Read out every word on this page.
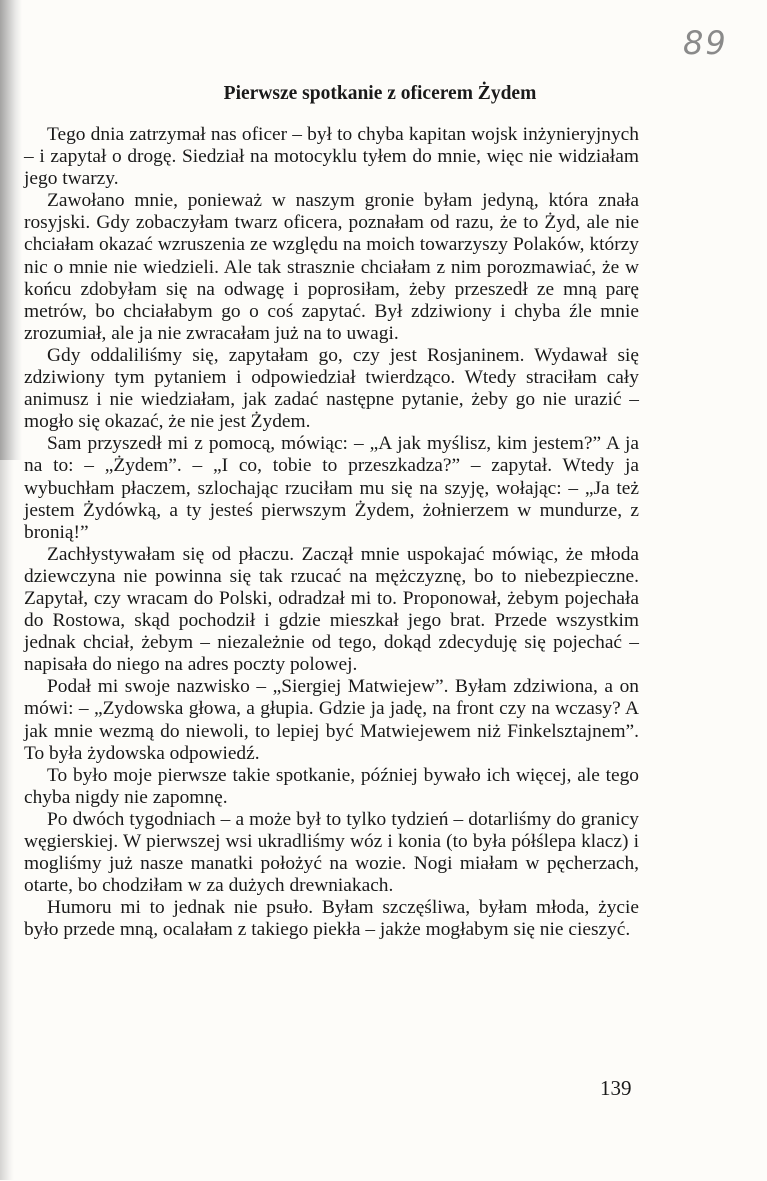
89
Pierwsze spotkanie z oficerem Żydem

Tego dnia zatrzymał nas oficer – był to chyba kapitan wojsk inżynieryjnych – i zapytał o drogę. Siedział na motocyklu tyłem do mnie, więc nie widziałam jego twarzy.

Zawołano mnie, ponieważ w naszym gronie byłam jedyną, która znała rosyjski. Gdy zobaczyłam twarz oficera, poznałam od razu, że to Żyd, ale nie chciałam okazać wzruszenia ze względu na moich towarzyszy Polaków, którzy nic o mnie nie wiedzieli. Ale tak strasznie chciałam z nim porozmawiać, że w końcu zdobyłam się na odwagę i poprosiłam, żeby przeszedł ze mną parę metrów, bo chciałabym go o coś zapytać. Był zdziwiony i chyba źle mnie zrozumiał, ale ja nie zwracałam już na to uwagi.

Gdy oddaliliśmy się, zapytałam go, czy jest Rosjaninem. Wydawał się zdziwiony tym pytaniem i odpowiedział twierdząco. Wtedy straciłam cały animusz i nie wiedziałam, jak zadać następne pytanie, żeby go nie urazić – mogło się okazać, że nie jest Żydem.

Sam przyszedł mi z pomocą, mówiąc: – „A jak myślisz, kim jestem?” A ja na to: – „Żydem”. – „I co, tobie to przeszkadza?” – zapytał. Wtedy ja wybuchłam płaczem, szlochając rzuciłam mu się na szyję, wołając: – „Ja też jestem Żydówką, a ty jesteś pierwszym Żydem, żołnierzem w mundurze, z bronią!”

Zachłystywałam się od płaczu. Zaczął mnie uspokajać mówiąc, że młoda dziewczyna nie powinna się tak rzucać na mężczyznę, bo to niebezpieczne. Zapytał, czy wracam do Polski, odradzał mi to. Proponował, żebym pojechała do Rostowa, skąd pochodził i gdzie mieszkał jego brat. Przede wszystkim jednak chciał, żebym – niezależnie od tego, dokąd zdecyduję się pojechać – napisała do niego na adres poczty polowej.

Podał mi swoje nazwisko – „Siergiej Matwiejew”. Byłam zdziwiona, a on mówi: – „Zydowska głowa, a głupia. Gdzie ja jadę, na front czy na wczasy? A jak mnie wezmą do niewoli, to lepiej być Matwiejewem niż Finkelsztajnem”. To była żydowska odpowiedź.

To było moje pierwsze takie spotkanie, później bywało ich więcej, ale tego chyba nigdy nie zapomnę.

Po dwóch tygodniach – a może był to tylko tydzień – dotarliśmy do granicy węgierskiej. W pierwszej wsi ukradliśmy wóz i konia (to była półślepa klacz) i mogliśmy już nasze manatki położyć na wozie. Nogi miałam w pęcherzach, otarte, bo chodziłam w za dużych drewniakach.

Humoru mi to jednak nie psuło. Byłam szczęśliwa, byłam młoda, życie było przede mną, ocalałam z takiego piekła – jakże mogłabym się nie cieszyć.

139
